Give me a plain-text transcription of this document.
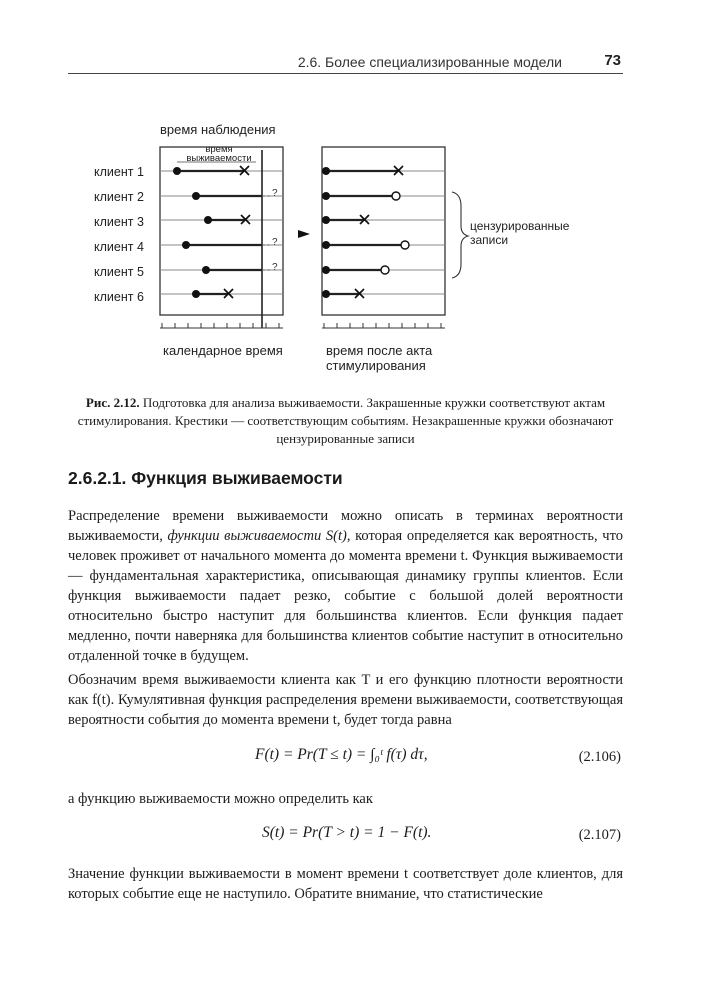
2.6. Более специализированные модели	73
время наблюдения
время выживаемости
клиент 1
клиент 2
клиент 3
клиент 4
клиент 5
клиент 6
?
?
?
цензурированные записи
календарное время	время после акта стимулирования
Рис. 2.12. Подготовка для анализа выживаемости. Закрашенные кружки соответствуют актам стимулирования. Крестики — соответствующим событиям. Незакрашенные кружки обозначают цензурированные записи
2.6.2.1. Функция выживаемости
Распределение времени выживаемости можно описать в терминах вероятности выживаемости, функции выживаемости S(t), которая определяется как вероятность, что человек проживет от начального момента до момента времени t. Функция выживаемости — фундаментальная характеристика, описывающая динамику группы клиентов. Если функция выживаемости падает резко, событие с большой долей вероятности относительно быстро наступит для большинства клиентов. Если функция падает медленно, почти наверняка для большинства клиентов событие наступит в относительно отдаленной точке в будущем.
Обозначим время выживаемости клиента как T и его функцию плотности вероятности как f(t). Кумулятивная функция распределения времени выживаемости, соответствующая вероятности события до момента времени t, будет тогда равна
F(t) = Pr(T ≤ t) = ∫₀ᵗ f(τ) dτ,	(2.106)
а функцию выживаемости можно определить как
S(t) = Pr(T > t) = 1 − F(t).	(2.107)
Значение функции выживаемости в момент времени t соответствует доле клиентов, для которых событие еще не наступило. Обратите внимание, что статистические
